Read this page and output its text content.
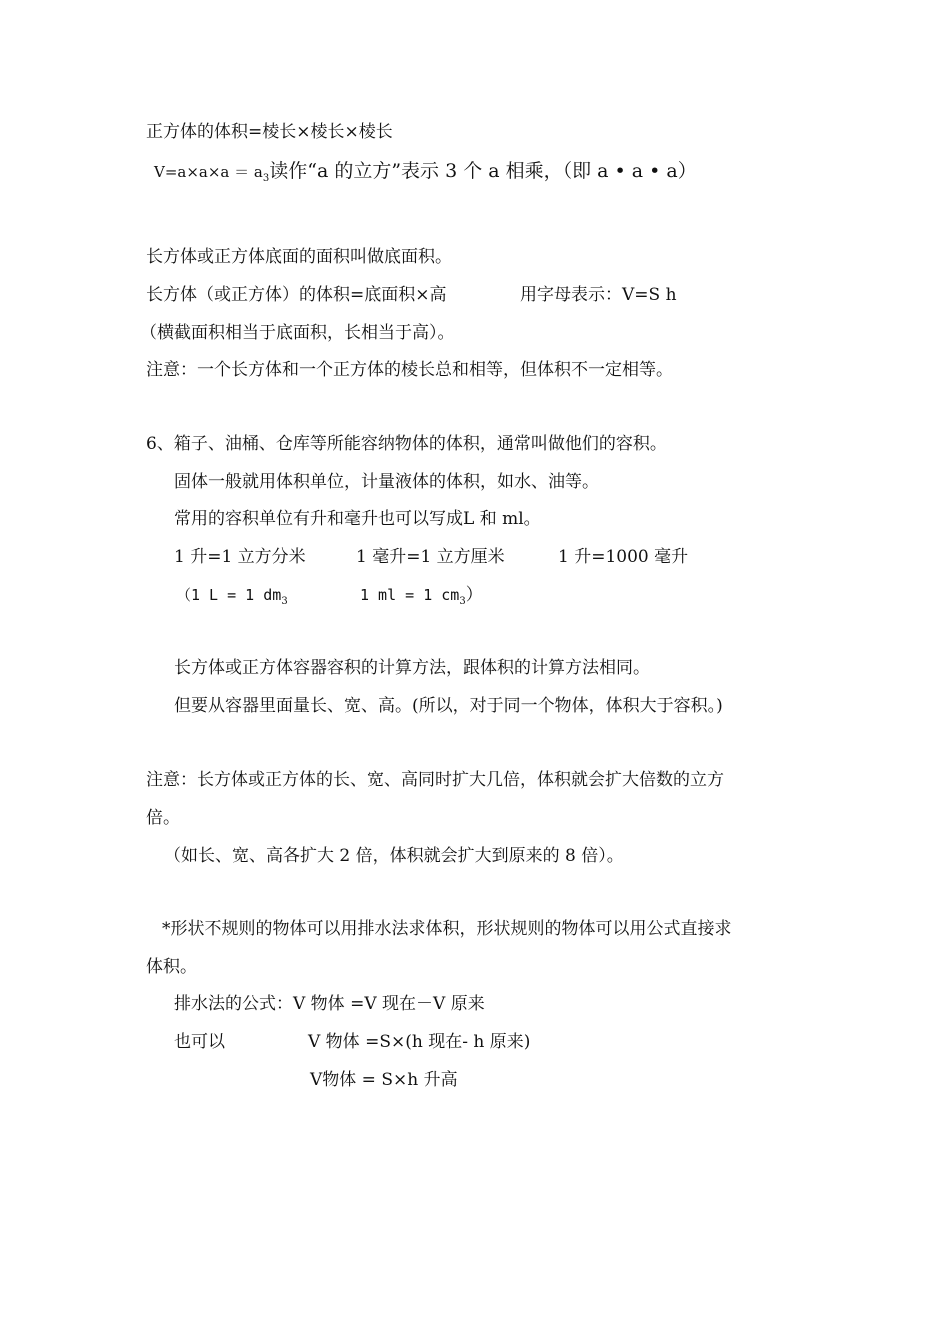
正方体的体积=棱长×棱长×棱长
$V=a\times a\times a = a_3$读作“a 的立方”表示 3 个 a 相乘，（即 a • a • a）
长方体或正方体底面的面积叫做底面积。
长方体（或正方体）的体积=底面积×高	用字母表示：V=S h
（横截面积相当于底面积，长相当于高）。
注意：一个长方体和一个正方体的棱长总和相等，但体积不一定相等。
6、箱子、油桶、仓库等所能容纳物体的体积，通常叫做他们的容积。
固体一般就用体积单位，计量液体的体积，如水、油等。
常用的容积单位有升和毫升也可以写成L 和 ml。
1 升=1 立方分米	1 毫升=1 立方厘米	1 升=1000 毫升
（1 L = 1 $dm_3$	1 ml = 1 $cm_3$）
长方体或正方体容器容积的计算方法，跟体积的计算方法相同。
但要从容器里面量长、宽、高。(所以，对于同一个物体，体积大于容积。)
注意：长方体或正方体的长、宽、高同时扩大几倍，体积就会扩大倍数的立方
倍。
（如长、宽、高各扩大 2 倍，体积就会扩大到原来的 8 倍）。
*形状不规则的物体可以用排水法求体积，形状规则的物体可以用公式直接求
体积。
排水法的公式：V 物体 =V 现在－V 原来
也可以	V 物体 =S×(h 现在- h 原来)
V物体 = S×h 升高
